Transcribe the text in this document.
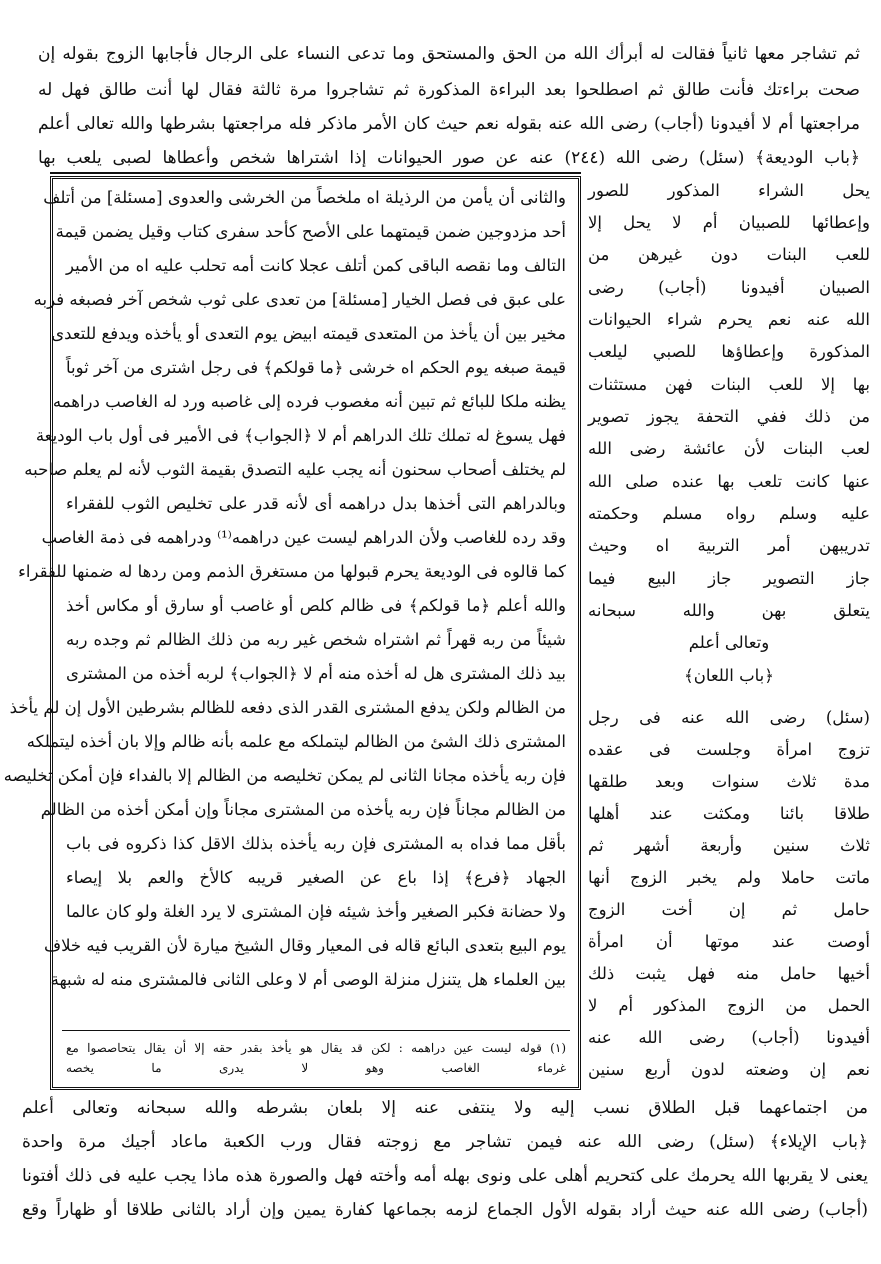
ثم تشاجر معها ثانياً فقالت له أبرأك الله من الحق والمستحق وما تدعى النساء على الرجال فأجابها الزوج بقوله إن
صحت براءتك فأنت طالق ثم اصطلحوا بعد البراءة المذكورة ثم تشاجروا مرة ثالثة فقال لها أنت طالق فهل له
مراجعتها أم لا أفيدونا (أجاب) رضى الله عنه بقوله نعم حيث كان الأمر ماذكر فله مراجعتها بشرطها والله تعالى أعلم
﴿باب الوديعة﴾ (سئل) رضى الله (٢٤٤) عنه عن صور الحيوانات إذا اشتراها شخص وأعطاها لصبى يلعب بها
يحل الشراء المذكور للصور
وإعطائها للصبيان أم لا يحل إلا
للعب البنات دون غيرهن من
الصبيان أفيدونا (أجاب) رضى
الله عنه نعم يحرم شراء الحيوانات
المذكورة وإعطاؤها للصبي ليلعب
بها إلا للعب البنات فهن مستثنات
من ذلك ففي التحفة يجوز تصوير
لعب البنات لأن عائشة رضى الله
عنها كانت تلعب بها عنده صلى الله
عليه وسلم رواه مسلم وحكمته
تدريبهن أمر التربية اه وحيث
جاز التصوير جاز البيع فيما
يتعلق بهن والله سبحانه
وتعالى أعلم
﴿باب اللعان﴾
(سئل) رضى الله عنه فى رجل
تزوج امرأة وجلست فى عقده
مدة ثلاث سنوات وبعد طلقها
طلاقا بائنا ومكثت عند أهلها
ثلاث سنين وأربعة أشهر ثم
ماتت حاملا ولم يخبر الزوج أنها
حامل ثم إن أخت الزوج
أوصت عند موتها أن امرأة
أخيها حامل منه فهل يثبت ذلك
الحمل من الزوج المذكور أم لا
أفيدونا (أجاب) رضى الله عنه
نعم إن وضعته لدون أربع سنين
والثانى أن يأمن من الرذيلة اه ملخصاً من الخرشى والعدوى [مسئلة] من أتلف
أحد مزدوجين ضمن قيمتهما على الأصح كأحد سفرى كتاب وقيل يضمن قيمة
التالف وما نقصه الباقى كمن أتلف عجلا كانت أمه تحلب عليه اه من الأمير
على عبق فى فصل الخيار [مسئلة] من تعدى على ثوب شخص آخر فصبغه فربه
مخير بين أن يأخذ من المتعدى قيمته ابيض يوم التعدى أو يأخذه ويدفع للتعدى
قيمة صبغه يوم الحكم اه خرشى ﴿ما قولكم﴾ فى رجل اشترى من آخر ثوباً
يظنه ملكا للبائع ثم تبين أنه مغصوب فرده إلى غاصبه ورد له الغاصب دراهمه
فهل يسوغ له تملك تلك الدراهم أم لا ﴿الجواب﴾ فى الأمير فى أول باب الوديعة
لم يختلف أصحاب سحنون أنه يجب عليه التصدق بقيمة الثوب لأنه لم يعلم صاحبه
وبالدراهم التى أخذها بدل دراهمه أى لأنه قدر على تخليص الثوب للفقراء
وقد رده للغاصب ولأن الدراهم ليست عين دراهمه⁽¹⁾ ودراهمه فى ذمة الغاصب
كما قالوه فى الوديعة يحرم قبولها من مستغرق الذمم ومن ردها له ضمنها للفقراء
والله أعلم ﴿ما قولكم﴾ فى ظالم كلص أو غاصب أو سارق أو مكاس أخذ
شيئاً من ربه قهراً ثم اشتراه شخص غير ربه من ذلك الظالم ثم وجده ربه
بيد ذلك المشترى هل له أخذه منه أم لا ﴿الجواب﴾ لربه أخذه من المشترى
من الظالم ولكن يدفع المشترى القدر الذى دفعه للظالم بشرطين الأول إن لم يأخذ
المشترى ذلك الشئ من الظالم ليتملكه مع علمه بأنه ظالم وإلا بان أخذه ليتملكه
فإن ربه يأخذه مجانا الثانى لم يمكن تخليصه من الظالم إلا بالفداء فإن أمكن تخليصه
من الظالم مجاناً فإن ربه يأخذه من المشترى مجاناً وإن أمكن أخذه من الظالم
بأقل مما فداه به المشترى فإن ربه يأخذه بذلك الاقل كذا ذكروه فى باب
الجهاد ﴿فرع﴾ إذا باع عن الصغير قريبه كالأخ والعم بلا إيصاء
ولا حضانة فكبر الصغير وأخذ شيئه فإن المشترى لا يرد الغلة ولو كان عالما
يوم البيع بتعدى البائع قاله فى المعيار وقال الشيخ ميارة لأن القريب فيه خلاف
بين العلماء هل يتنزل منزلة الوصى أم لا وعلى الثانى فالمشترى منه له شبهة
(١) قوله ليست عين دراهمه : لكن قد يقال هو يأخذ بقدر حقه إلا أن يقال يتحاصصوا مع
غرماء الغاصب وهو لا يدرى ما يخصه
من اجتماعهما قبل الطلاق نسب إليه ولا ينتفى عنه إلا بلعان بشرطه والله سبحانه وتعالى أعلم
﴿باب الإيلاء﴾ (سئل) رضى الله عنه فيمن تشاجر مع زوجته فقال ورب الكعبة ماعاد أجيك مرة واحدة
يعنى لا يقربها الله يحرمك على كتحريم أهلى على ونوى بهله أمه وأخته فهل والصورة هذه ماذا يجب عليه فى ذلك أفتونا
(أجاب) رضى الله عنه حيث أراد بقوله الأول الجماع لزمه بجماعها كفارة يمين وإن أراد بالثانى طلاقا أو ظهاراً وقع
